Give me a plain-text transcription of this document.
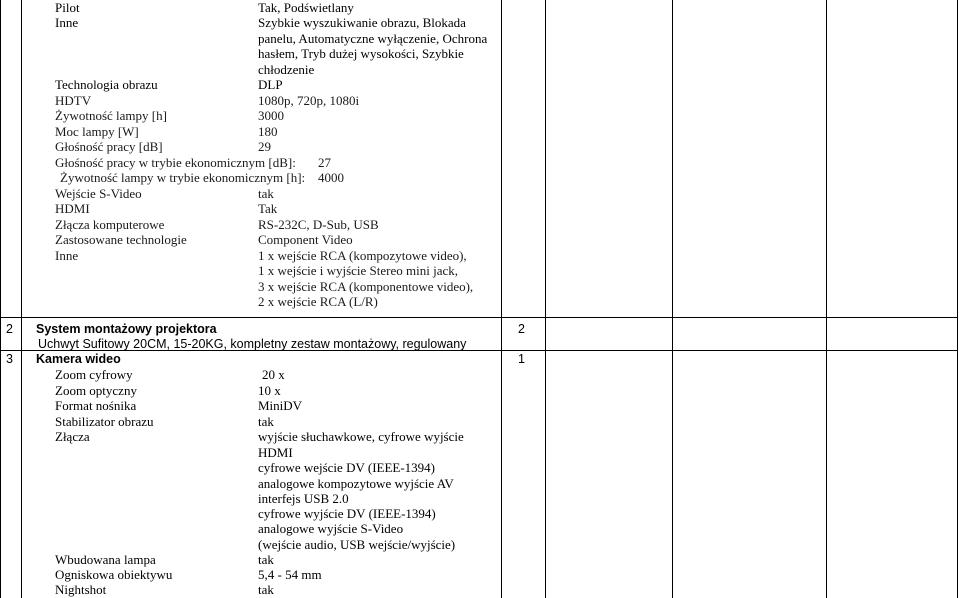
Pilot	Tak, Podświetlany
Inne	Szybkie wyszukiwanie obrazu, Blokada
panelu, Automatyczne wyłączenie, Ochrona
hasłem, Tryb dużej wysokości, Szybkie
chłodzenie
Technologia obrazu	DLP
HDTV	1080p, 720p, 1080i
Żywotność lampy [h]	3000
Moc lampy [W]	180
Głośność pracy [dB]	29
Głośność pracy w trybie ekonomicznym [dB]: 27
Żywotność lampy w trybie ekonomicznym [h]: 4000
Wejście S-Video	tak
HDMI	Tak
Złącza komputerowe	RS-232C, D-Sub, USB
Zastosowane technologie	Component Video
Inne	1 x wejście RCA (kompozytowe video),
1 x wejście i wyjście Stereo mini jack,
3 x wejście RCA (komponentowe video),
2 x wejście RCA (L/R)
2 System montażowy projektora
Uchwyt Sufitowy 20CM, 15-20KG, kompletny zestaw montażowy, regulowany
2
3 Kamera wideo	1
Zoom cyfrowy	20 x
Zoom optyczny	10 x
Format nośnika	MiniDV
Stabilizator obrazu	tak
Złącza	wyjście słuchawkowe, cyfrowe wyjście
HDMI
cyfrowe wejście DV (IEEE-1394)
analogowe kompozytowe wyjście AV
interfejs USB 2.0
cyfrowe wyjście DV (IEEE-1394)
analogowe wyjście S-Video
(wejście audio, USB wejście/wyjście)
Wbudowana lampa	tak
Ogniskowa obiektywu	5,4 - 54 mm
Nightshot	tak
